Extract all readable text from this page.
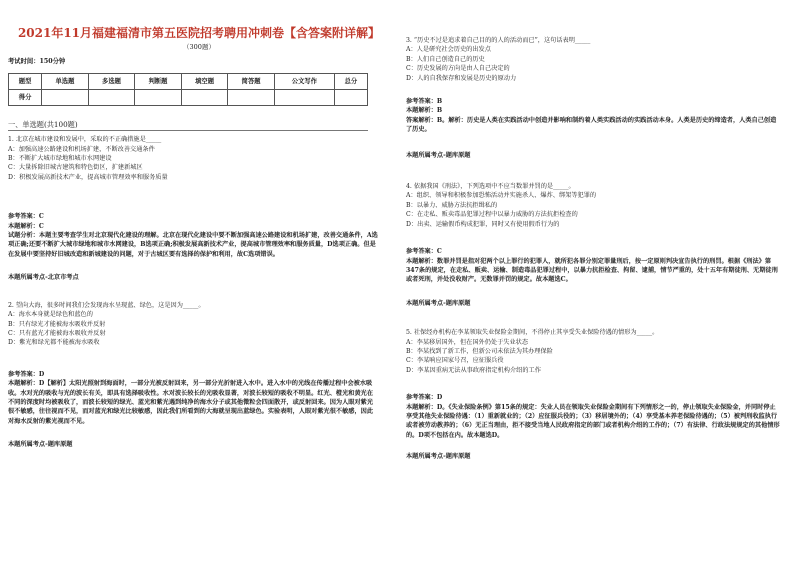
2021年11月福建福清市第五医院招考聘用冲刺卷【含答案附详解】
（300题）
考试时间：150分钟
题型	单选题	多选题	判断题	填空题	简答题	公文写作	总分
得分							
一、单选题(共100题)
1. 北京在城市建设和发展中，采取的不正确措施是_____
A：加强高速公路建设和机场扩建，不断改善交通条件
B：不断扩大城市绿地和城市水网建设
C：大量拆除旧城古建筑和特色街区，扩建新城区
D：积极发展高新技术产业，提高城市管理效率和服务质量
参考答案：C
本题解析：C
试题分析：本题主要考查学生对北京现代化建设的理解。北京在现代化建设中要不断加强高速公路建设和机场扩建，改善交通条件，A选项正确;还要不断扩大城市绿地和城市水网建设，B选项正确;积极发展高新技术产业，提高城市管理效率和服务质量，D选项正确。但是在发展中要坚持好旧城改造和新城建设的问题，对于古城区要有选择的保护和利用，故C选项错误。
本题所属考点-北京市考点
2. 望向大海，很多时间我们会发现海水呈现蓝、绿色，这是因为_____。
A：海水本身就是绿色和蓝色的
B：只有绿光才能被海水吸收并反射
C：只有蓝光才能被海水吸收并反射
D：紫光和绿光都不能被海水吸收
参考答案：D
本题解析：D【解析】太阳光照射到海面时，一部分光被反射回来，另一部分光折射进入水中。进入水中的光线在传播过程中会被水吸收。水对光的吸收与光的波长有关，即具有选择吸收性。水对波长较长的光吸收显著，对波长较短的吸收不明显。红光、橙光和黄光在不同的深度时均被吸收了，而波长较短的绿光、蓝光和紫光遇到纯净的海水分子或其他微粒会四面散开，或反射回来。因为人眼对紫光很不敏感，往往视而不见，而对蓝光和绿光比较敏感，因此我们所看到的大海就呈现出蓝绿色。实验表明，人眼对紫光很不敏感，因此对海水反射的紫光视而不见。
本题所属考点-题库原题
3. “历史不过是追求着自己目的的人的活动而已”，这句话表明_____
A：人是研究社会历史的出发点
B：人们自己创造自己的历史
C：历史发展的方向是由人自己决定的
D：人的自我保存和发展是历史的原动力
参考答案：B
本题解析：B
答案解析：B。解析：历史是人类在实践活动中创造并影响和制约着人类实践活动的实践活动本身。人类是历史的缔造者，人类自己创造了历史。
本题所属考点-题库原题
4. 依据我国《刑法》，下列选项中不应当数罪并罚的是_____。
A：组织、领导和积极参加恐怖活动并实施杀人、爆炸、绑架等犯罪的
B：以暴力、威胁方法抗拒缉私的
C：在走私、贩卖毒品犯罪过程中以暴力威胁的方法抗拒检查的
D：出卖、运输假币构成犯罪，同时又有使用假币行为的
参考答案：C
本题解析：数罪并罚是指对犯两个以上罪行的犯罪人，就所犯各罪分别定罪量刑后，按一定原则判决宣告执行的刑罚。根据《刑法》第347条的规定，在走私、贩卖、运输、制造毒品犯罪过程中，以暴力抗拒检查、拘留、逮捕，情节严重的，处十五年有期徒刑、无期徒刑或者死刑，并处没收财产。无数罪并罚的规定。故本题选C。
本题所属考点-题库原题
5. 社保经办机构在李某领取失业保险金期间，不得停止其享受失业保险待遇的情形为_____。
A：李某移居国外，但在国外仍处于失业状态
B：李某找到了新工作，但新公司未依法为其办理保险
C：李某响应国家号召，应征服兵役
D：李某因重病无法从事政府指定机构介绍的工作
参考答案：D
本题解析：D。《失业保险条例》第15条的规定：失业人员在领取失业保险金期间有下列情形之一的，停止领取失业保险金，并同时停止享受其他失业保险待遇：（1）重新就业的；（2）应征服兵役的；（3）移居境外的；（4）享受基本养老保险待遇的；（5）被判刑收监执行或者被劳动教养的；（6）无正当理由，拒不接受当地人民政府指定的部门或者机构介绍的工作的；（7）有法律、行政法规规定的其他情形的。D项不包括在内。故本题选D。
本题所属考点-题库原题
